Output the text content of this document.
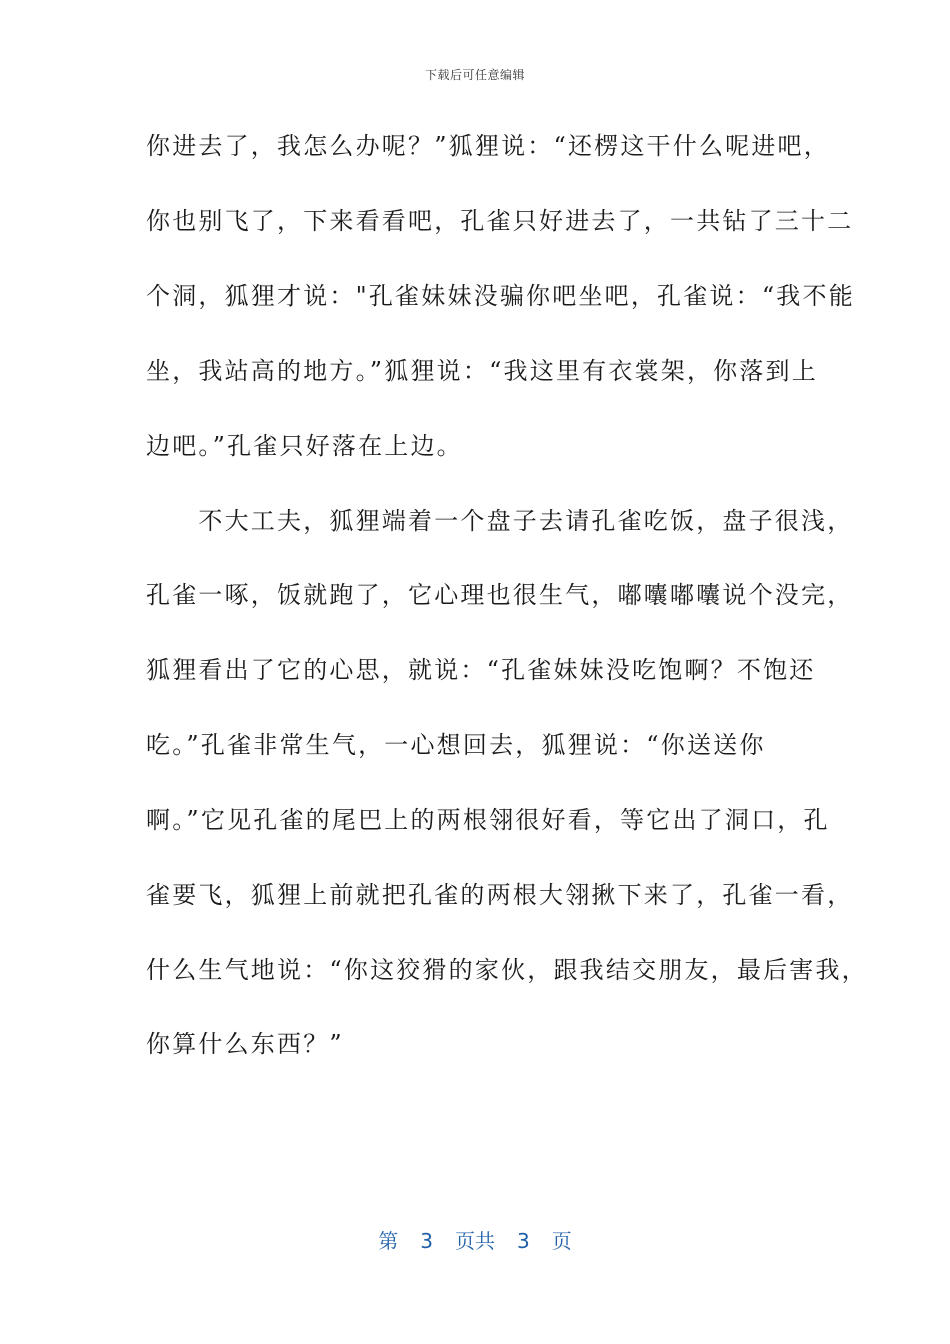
下载后可任意编辑
你进去了，我怎么办呢？”狐狸说：“还楞这干什么呢进吧，
你也别飞了，下来看看吧，孔雀只好进去了，一共钻了三十二
个洞，狐狸才说："孔雀妹妹没骗你吧坐吧，孔雀说：“我不能
坐，我站高的地方。”狐狸说：“我这里有衣裳架，你落到上
边吧。”孔雀只好落在上边。
　　不大工夫，狐狸端着一个盘子去请孔雀吃饭，盘子很浅，
孔雀一啄，饭就跑了，它心理也很生气，嘟囔嘟囔说个没完，
狐狸看出了它的心思，就说：“孔雀妹妹没吃饱啊？不饱还
吃。”孔雀非常生气，一心想回去，狐狸说：“你送送你
啊。”它见孔雀的尾巴上的两根翎很好看，等它出了洞口，孔
雀要飞，狐狸上前就把孔雀的两根大翎揪下来了，孔雀一看，
什么生气地说：“你这狡猾的家伙，跟我结交朋友，最后害我，
你算什么东西？”
第 3 页共 3 页
